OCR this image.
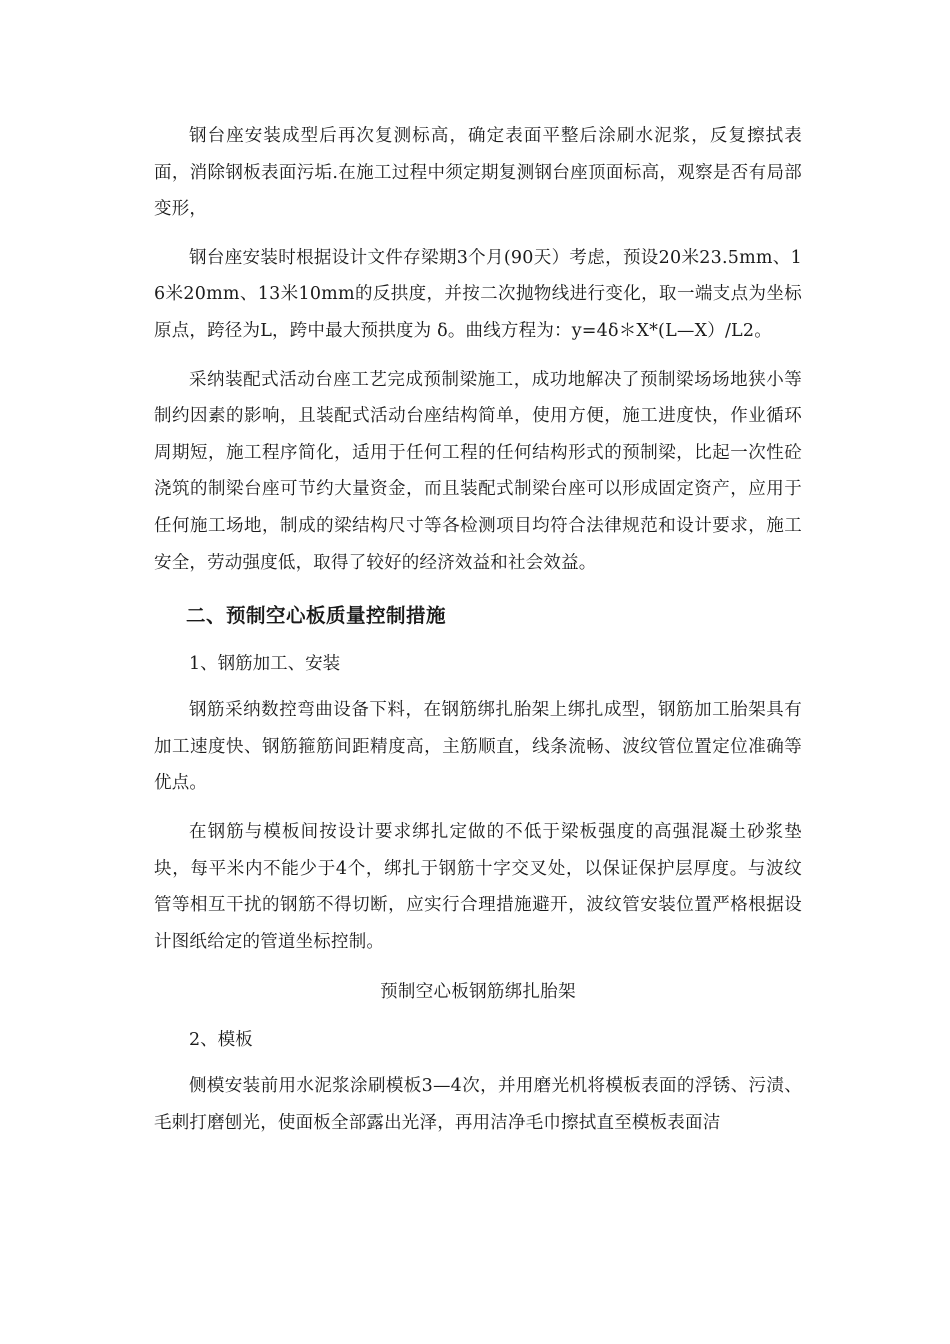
钢台座安装成型后再次复测标高，确定表面平整后涂刷水泥浆，反复擦拭表面，消除钢板表面污垢.在施工过程中须定期复测钢台座顶面标高，观察是否有局部变形，

钢台座安装时根据设计文件存梁期3个月(90天）考虑，预设20米23.5mm、16米20mm、13米10mm的反拱度，并按二次抛物线进行变化，取一端支点为坐标原点，跨径为L，跨中最大预拱度为 δ。曲线方程为：y=4δ＊X*(L—X）/L2。

采纳装配式活动台座工艺完成预制梁施工，成功地解决了预制梁场场地狭小等制约因素的影响，且装配式活动台座结构简单，使用方便，施工进度快，作业循环周期短，施工程序简化，适用于任何工程的任何结构形式的预制梁，比起一次性砼浇筑的制梁台座可节约大量资金，而且装配式制梁台座可以形成固定资产，应用于任何施工场地，制成的梁结构尺寸等各检测项目均符合法律规范和设计要求，施工安全，劳动强度低，取得了较好的经济效益和社会效益。

二、预制空心板质量控制措施

1、钢筋加工、安装

钢筋采纳数控弯曲设备下料，在钢筋绑扎胎架上绑扎成型，钢筋加工胎架具有加工速度快、钢筋箍筋间距精度高，主筋顺直，线条流畅、波纹管位置定位准确等优点。

在钢筋与模板间按设计要求绑扎定做的不低于梁板强度的高强混凝土砂浆垫块，每平米内不能少于4个，绑扎于钢筋十字交叉处，以保证保护层厚度。与波纹管等相互干扰的钢筋不得切断，应实行合理措施避开，波纹管安装位置严格根据设计图纸给定的管道坐标控制。

预制空心板钢筋绑扎胎架

2、模板

侧模安装前用水泥浆涂刷模板3—4次，并用磨光机将模板表面的浮锈、污渍、毛刺打磨刨光，使面板全部露出光泽，再用洁净毛巾擦拭直至模板表面洁
